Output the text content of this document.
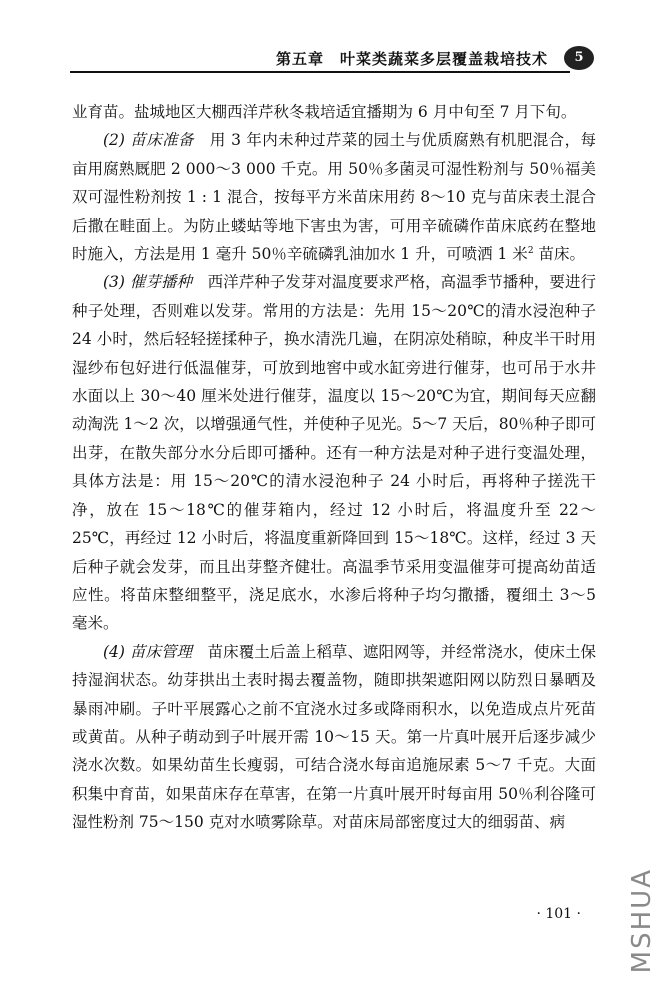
第五章　叶菜类蔬菜多层覆盖栽培技术	5

业育苗。盐城地区大棚西洋芹秋冬栽培适宜播期为 6 月中旬至 7 月下旬。

(2) 苗床准备　 用 3 年内未种过芹菜的园土与优质腐熟有机肥混合，每亩用腐熟厩肥 2 000～3 000 千克。用 50％多菌灵可湿性粉剂与 50％福美双可湿性粉剂按 1 : 1 混合，按每平方米苗床用药 8～10 克与苗床表土混合后撒在畦面上。为防止蝼蛄等地下害虫为害，可用辛硫磷作苗床底药在整地时施入，方法是用 1 毫升 50％辛硫磷乳油加水 1 升，可喷洒 1 米$^2$ 苗床。

(3) 催芽播种　 西洋芹种子发芽对温度要求严格，高温季节播种，要进行种子处理，否则难以发芽。常用的方法是：先用 15～20℃的清水浸泡种子 24 小时，然后轻轻搓揉种子，换水清洗几遍，在阴凉处稍晾，种皮半干时用湿纱布包好进行低温催芽，可放到地窖中或水缸旁进行催芽，也可吊于水井水面以上 30～40 厘米处进行催芽，温度以 15～20℃为宜，期间每天应翻动淘洗 1～2 次，以增强通气性，并使种子见光。5～7 天后，80％种子即可出芽，在散失部分水分后即可播种。还有一种方法是对种子进行变温处理，具体方法是：用 15～20℃的清水浸泡种子 24 小时后，再将种子搓洗干净，放在 15～18℃的催芽箱内，经过 12 小时后，将温度升至 22～25℃，再经过 12 小时后，将温度重新降回到 15～18℃。这样，经过 3 天后种子就会发芽，而且出芽整齐健壮。高温季节采用变温催芽可提高幼苗适应性。将苗床整细整平，浇足底水，水渗后将种子均匀撒播，覆细土 3～5 毫米。

(4) 苗床管理　 苗床覆土后盖上稻草、遮阳网等，并经常浇水，使床土保持湿润状态。幼芽拱出土表时揭去覆盖物，随即拱架遮阳网以防烈日暴晒及暴雨冲刷。子叶平展露心之前不宜浇水过多或降雨积水，以免造成点片死苗或黄苗。从种子萌动到子叶展开需 10～15 天。第一片真叶展开后逐步减少浇水次数。如果幼苗生长瘦弱，可结合浇水每亩追施尿素 5～7 千克。大面积集中育苗，如果苗床存在草害，在第一片真叶展开时每亩用 50％利谷隆可湿性粉剂 75～150 克对水喷雾除草。对苗床局部密度过大的细弱苗、病

· 101 · MSHUA
